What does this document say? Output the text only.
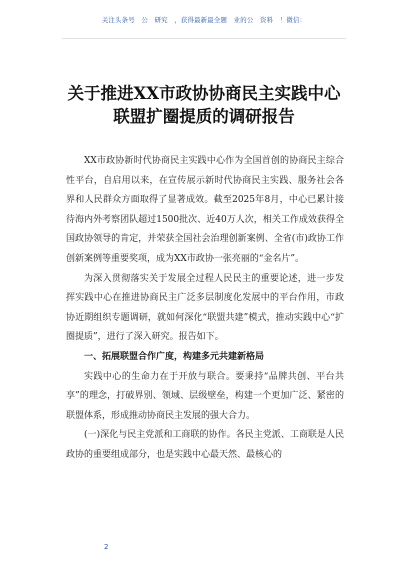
关注头条号　公　研究　，获得最新最全题　业的公　资料　！微信：
关于推进XX市政协协商民主实践中心
联盟扩圈提质的调研报告

XX市政协新时代协商民主实践中心作为全国首创的协商民主综合性平台，自启用以来，在宣传展示新时代协商民主实践、服务社会各界和人民群众方面取得了显著成效。截至2025年8月，中心已累计接待海内外考察团队超过1500批次、近40万人次，相关工作成效获得全国政协领导的肯定，并荣获全国社会治理创新案例、全省(市)政协工作创新案例等重要奖项，成为XX市政协一张亮丽的“金名片”。

为深入贯彻落实关于发展全过程人民民主的重要论述，进一步发挥实践中心在推进协商民主广泛多层制度化发展中的平台作用，市政协近期组织专题调研，就如何深化“联盟共建”模式，推动实践中心“扩圈提质”，进行了深入研究。报告如下。

一、拓展联盟合作广度，构建多元共建新格局

实践中心的生命力在于开放与联合。要秉持“品牌共创、平台共享”的理念，打破界别、领域、层级壁垒，构建一个更加广泛、紧密的联盟体系，形成推动协商民主发展的强大合力。

(一)深化与民主党派和工商联的协作。各民主党派、工商联是人民政协的重要组成部分，也是实践中心最天然、最核心的

2
